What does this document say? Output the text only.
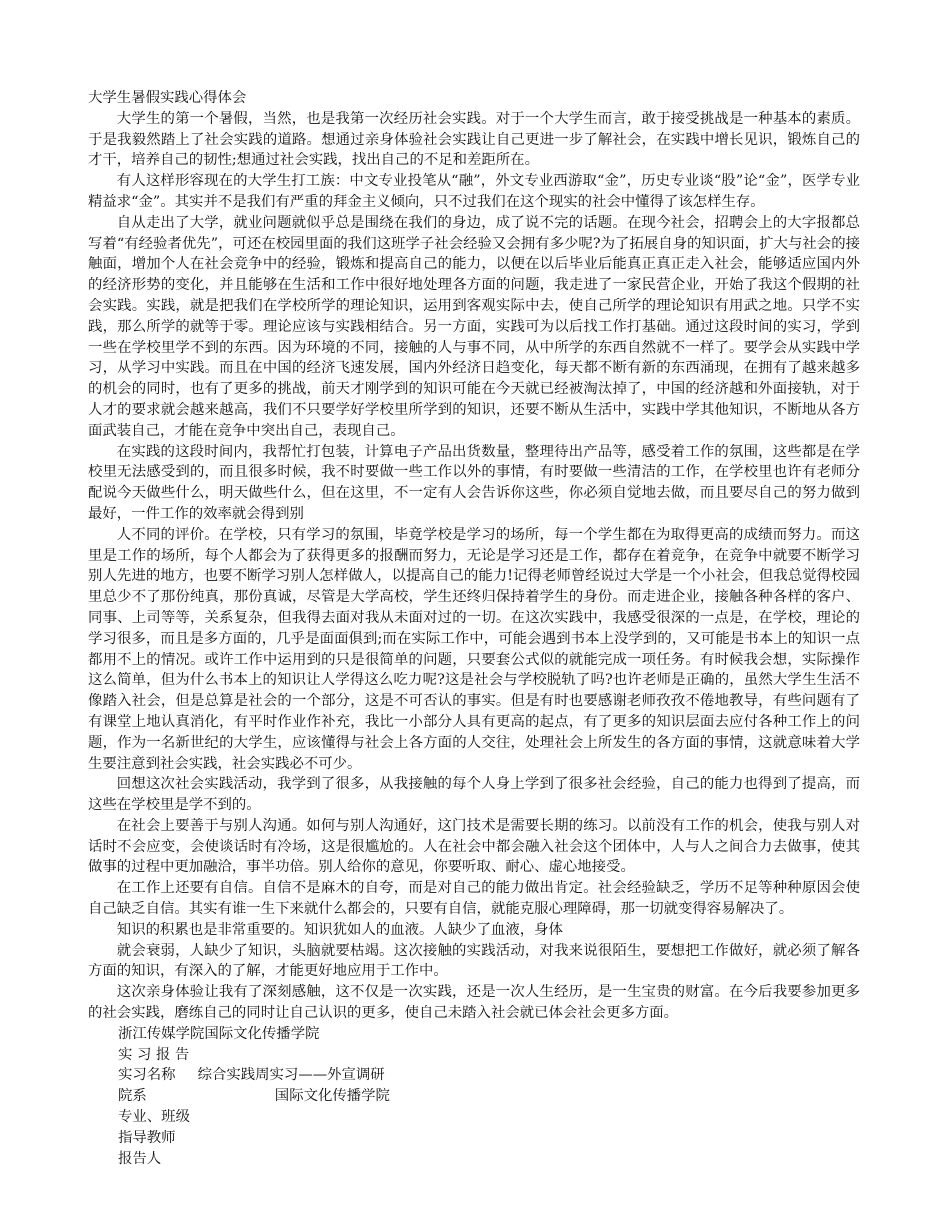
大学生暑假实践心得体会

大学生的第一个暑假，当然，也是我第一次经历社会实践。对于一个大学生而言，敢于接受挑战是一种基本的素质。于是我毅然踏上了社会实践的道路。想通过亲身体验社会实践让自己更进一步了解社会，在实践中增长见识，锻炼自己的才干，培养自己的韧性;想通过社会实践，找出自己的不足和差距所在。

有人这样形容现在的大学生打工族：中文专业投笔从“融”，外文专业西游取“金”，历史专业谈“股”论“金”，医学专业精益求“金”。其实并不是我们有严重的拜金主义倾向，只不过我们在这个现实的社会中懂得了该怎样生存。

自从走出了大学，就业问题就似乎总是围绕在我们的身边，成了说不完的话题。在现今社会，招聘会上的大字报都总写着“有经验者优先”，可还在校园里面的我们这班学子社会经验又会拥有多少呢?为了拓展自身的知识面，扩大与社会的接触面，增加个人在社会竞争中的经验，锻炼和提高自己的能力，以便在以后毕业后能真正真正走入社会，能够适应国内外的经济形势的变化，并且能够在生活和工作中很好地处理各方面的问题，我走进了一家民营企业，开始了我这个假期的社会实践。实践，就是把我们在学校所学的理论知识，运用到客观实际中去，使自己所学的理论知识有用武之地。只学不实践，那么所学的就等于零。理论应该与实践相结合。另一方面，实践可为以后找工作打基础。通过这段时间的实习，学到一些在学校里学不到的东西。因为环境的不同，接触的人与事不同，从中所学的东西自然就不一样了。要学会从实践中学习，从学习中实践。而且在中国的经济飞速发展，国内外经济日趋变化，每天都不断有新的东西涌现，在拥有了越来越多的机会的同时，也有了更多的挑战，前天才刚学到的知识可能在今天就已经被淘汰掉了，中国的经济越和外面接轨，对于人才的要求就会越来越高，我们不只要学好学校里所学到的知识，还要不断从生活中，实践中学其他知识，不断地从各方面武装自己，才能在竞争中突出自己，表现自己。

在实践的这段时间内，我帮忙打包装，计算电子产品出货数量，整理待出产品等，感受着工作的氛围，这些都是在学校里无法感受到的，而且很多时候，我不时要做一些工作以外的事情，有时要做一些清洁的工作，在学校里也许有老师分配说今天做些什么，明天做些什么，但在这里，不一定有人会告诉你这些，你必须自觉地去做，而且要尽自己的努力做到最好，一件工作的效率就会得到别

人不同的评价。在学校，只有学习的氛围，毕竟学校是学习的场所，每一个学生都在为取得更高的成绩而努力。而这里是工作的场所，每个人都会为了获得更多的报酬而努力，无论是学习还是工作，都存在着竞争，在竞争中就要不断学习别人先进的地方，也要不断学习别人怎样做人，以提高自己的能力!记得老师曾经说过大学是一个小社会，但我总觉得校园里总少不了那份纯真，那份真诚，尽管是大学高校，学生还终归保持着学生的身份。而走进企业，接触各种各样的客户、同事、上司等等，关系复杂，但我得去面对我从未面对过的一切。在这次实践中，我感受很深的一点是，在学校，理论的学习很多，而且是多方面的，几乎是面面俱到;而在实际工作中，可能会遇到书本上没学到的，又可能是书本上的知识一点都用不上的情况。或许工作中运用到的只是很简单的问题，只要套公式似的就能完成一项任务。有时候我会想，实际操作这么简单，但为什么书本上的知识让人学得这么吃力呢?这是社会与学校脱轨了吗?也许老师是正确的，虽然大学生生活不像踏入社会，但是总算是社会的一个部分，这是不可否认的事实。但是有时也要感谢老师孜孜不倦地教导，有些问题有了有课堂上地认真消化，有平时作业作补充，我比一小部分人具有更高的起点，有了更多的知识层面去应付各种工作上的问题，作为一名新世纪的大学生，应该懂得与社会上各方面的人交往，处理社会上所发生的各方面的事情，这就意味着大学生要注意到社会实践，社会实践必不可少。

回想这次社会实践活动，我学到了很多，从我接触的每个人身上学到了很多社会经验，自己的能力也得到了提高，而这些在学校里是学不到的。

在社会上要善于与别人沟通。如何与别人沟通好，这门技术是需要长期的练习。以前没有工作的机会，使我与别人对话时不会应变，会使谈话时有冷场，这是很尴尬的。人在社会中都会融入社会这个团体中，人与人之间合力去做事，使其做事的过程中更加融洽，事半功倍。别人给你的意见，你要听取、耐心、虚心地接受。

在工作上还要有自信。自信不是麻木的自夸，而是对自己的能力做出肯定。社会经验缺乏，学历不足等种种原因会使自己缺乏自信。其实有谁一生下来就什么都会的，只要有自信，就能克服心理障碍，那一切就变得容易解决了。

知识的积累也是非常重要的。知识犹如人的血液。人缺少了血液，身体

就会衰弱，人缺少了知识，头脑就要枯竭。这次接触的实践活动，对我来说很陌生，要想把工作做好，就必须了解各方面的知识，有深入的了解，才能更好地应用于工作中。

这次亲身体验让我有了深刻感触，这不仅是一次实践，还是一次人生经历，是一生宝贵的财富。在今后我要参加更多的社会实践，磨练自己的同时让自己认识的更多，使自己未踏入社会就已体会社会更多方面。

浙江传媒学院国际文化传播学院
实 习 报 告
实习名称 综合实践周实习——外宣调研
院系	国际文化传播学院
专业、班级
指导教师
报告人
